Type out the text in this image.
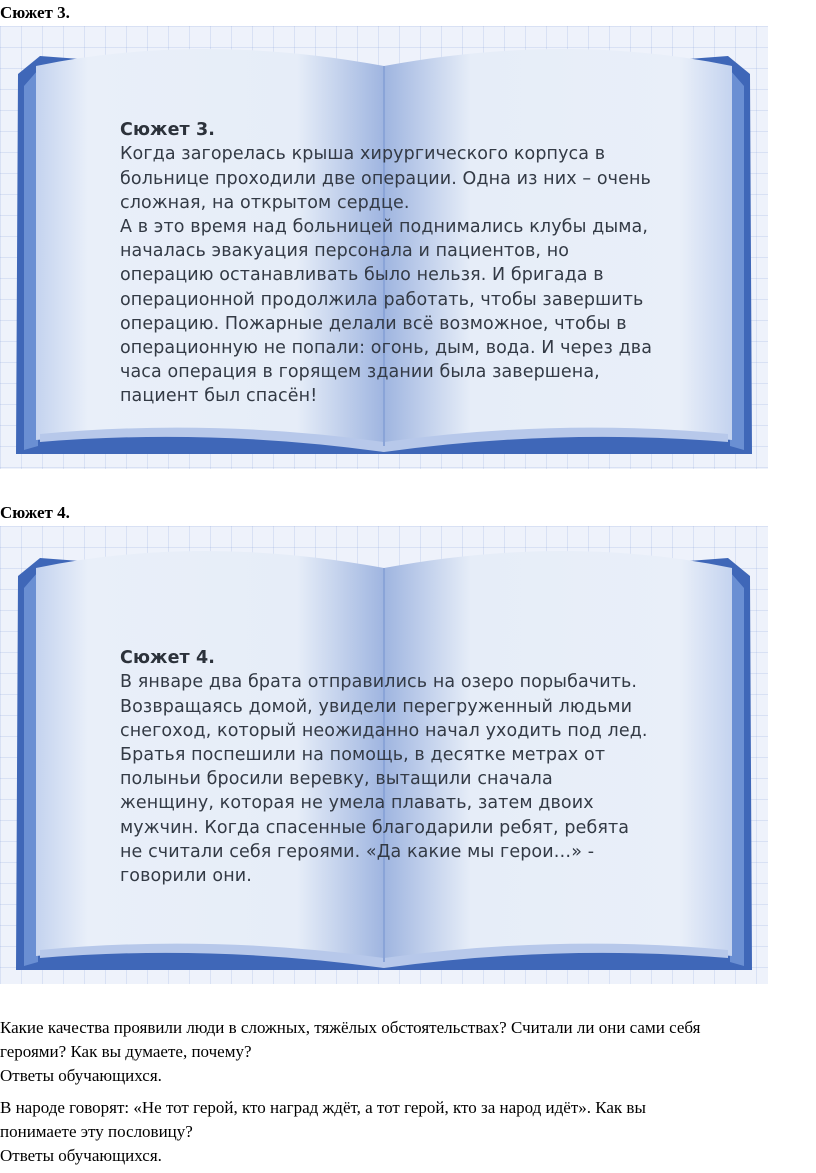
Сюжет 3.

Сюжет 3.
Когда загорелась крыша хирургического корпуса в
больнице проходили две операции. Одна из них – очень
сложная, на открытом сердце.
А в это время над больницей поднимались клубы дыма,
началась эвакуация персонала и пациентов, но
операцию останавливать было нельзя. И бригада в
операционной продолжила работать, чтобы завершить
операцию. Пожарные делали всё возможное, чтобы в
операционную не попали: огонь, дым, вода. И через два
часа операция в горящем здании была завершена,
пациент был спасён!

Сюжет 4.

Сюжет 4.
В январе два брата отправились на озеро порыбачить.
Возвращаясь домой, увидели перегруженный людьми
снегоход, который неожиданно начал уходить под лед.
Братья поспешили на помощь, в десятке метрах от
полыньи бросили веревку, вытащили сначала
женщину, которая не умела плавать, затем двоих
мужчин. Когда спасенные благодарили ребят, ребята
не считали себя героями. «Да какие мы герои…» -
говорили они.

Какие качества проявили люди в сложных, тяжёлых обстоятельствах? Считали ли они сами себя
героями? Как вы думаете, почему?
Ответы обучающихся.
В народе говорят: «Не тот герой, кто наград ждёт, а тот герой, кто за народ идёт». Как вы
понимаете эту пословицу?
Ответы обучающихся.
